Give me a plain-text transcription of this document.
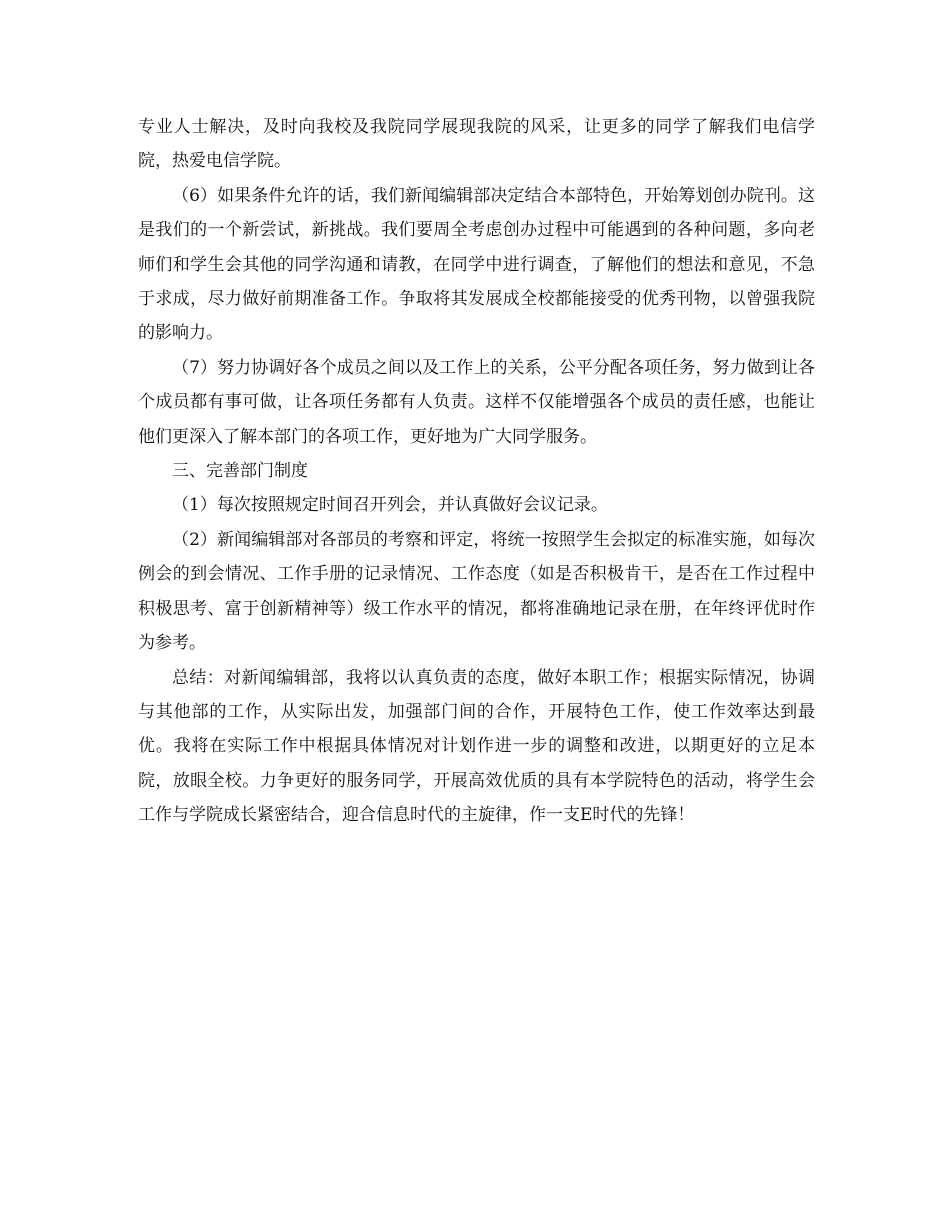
专业人士解决，及时向我校及我院同学展现我院的风采，让更多的同学了解我们电信学院，热爱电信学院。

（6）如果条件允许的话，我们新闻编辑部决定结合本部特色，开始筹划创办院刊。这是我们的一个新尝试，新挑战。我们要周全考虑创办过程中可能遇到的各种问题，多向老师们和学生会其他的同学沟通和请教，在同学中进行调查，了解他们的想法和意见，不急于求成，尽力做好前期准备工作。争取将其发展成全校都能接受的优秀刊物，以曾强我院的影响力。

（7）努力协调好各个成员之间以及工作上的关系，公平分配各项任务，努力做到让各个成员都有事可做，让各项任务都有人负责。这样不仅能增强各个成员的责任感，也能让他们更深入了解本部门的各项工作，更好地为广大同学服务。

三、完善部门制度

（1）每次按照规定时间召开列会，并认真做好会议记录。

（2）新闻编辑部对各部员的考察和评定，将统一按照学生会拟定的标准实施，如每次例会的到会情况、工作手册的记录情况、工作态度（如是否积极肯干，是否在工作过程中积极思考、富于创新精神等）级工作水平的情况，都将准确地记录在册，在年终评优时作为参考。

总结：对新闻编辑部，我将以认真负责的态度，做好本职工作；根据实际情况，协调与其他部的工作，从实际出发，加强部门间的合作，开展特色工作，使工作效率达到最优。我将在实际工作中根据具体情况对计划作进一步的调整和改进，以期更好的立足本院，放眼全校。力争更好的服务同学，开展高效优质的具有本学院特色的活动，将学生会工作与学院成长紧密结合，迎合信息时代的主旋律，作一支E时代的先锋！
